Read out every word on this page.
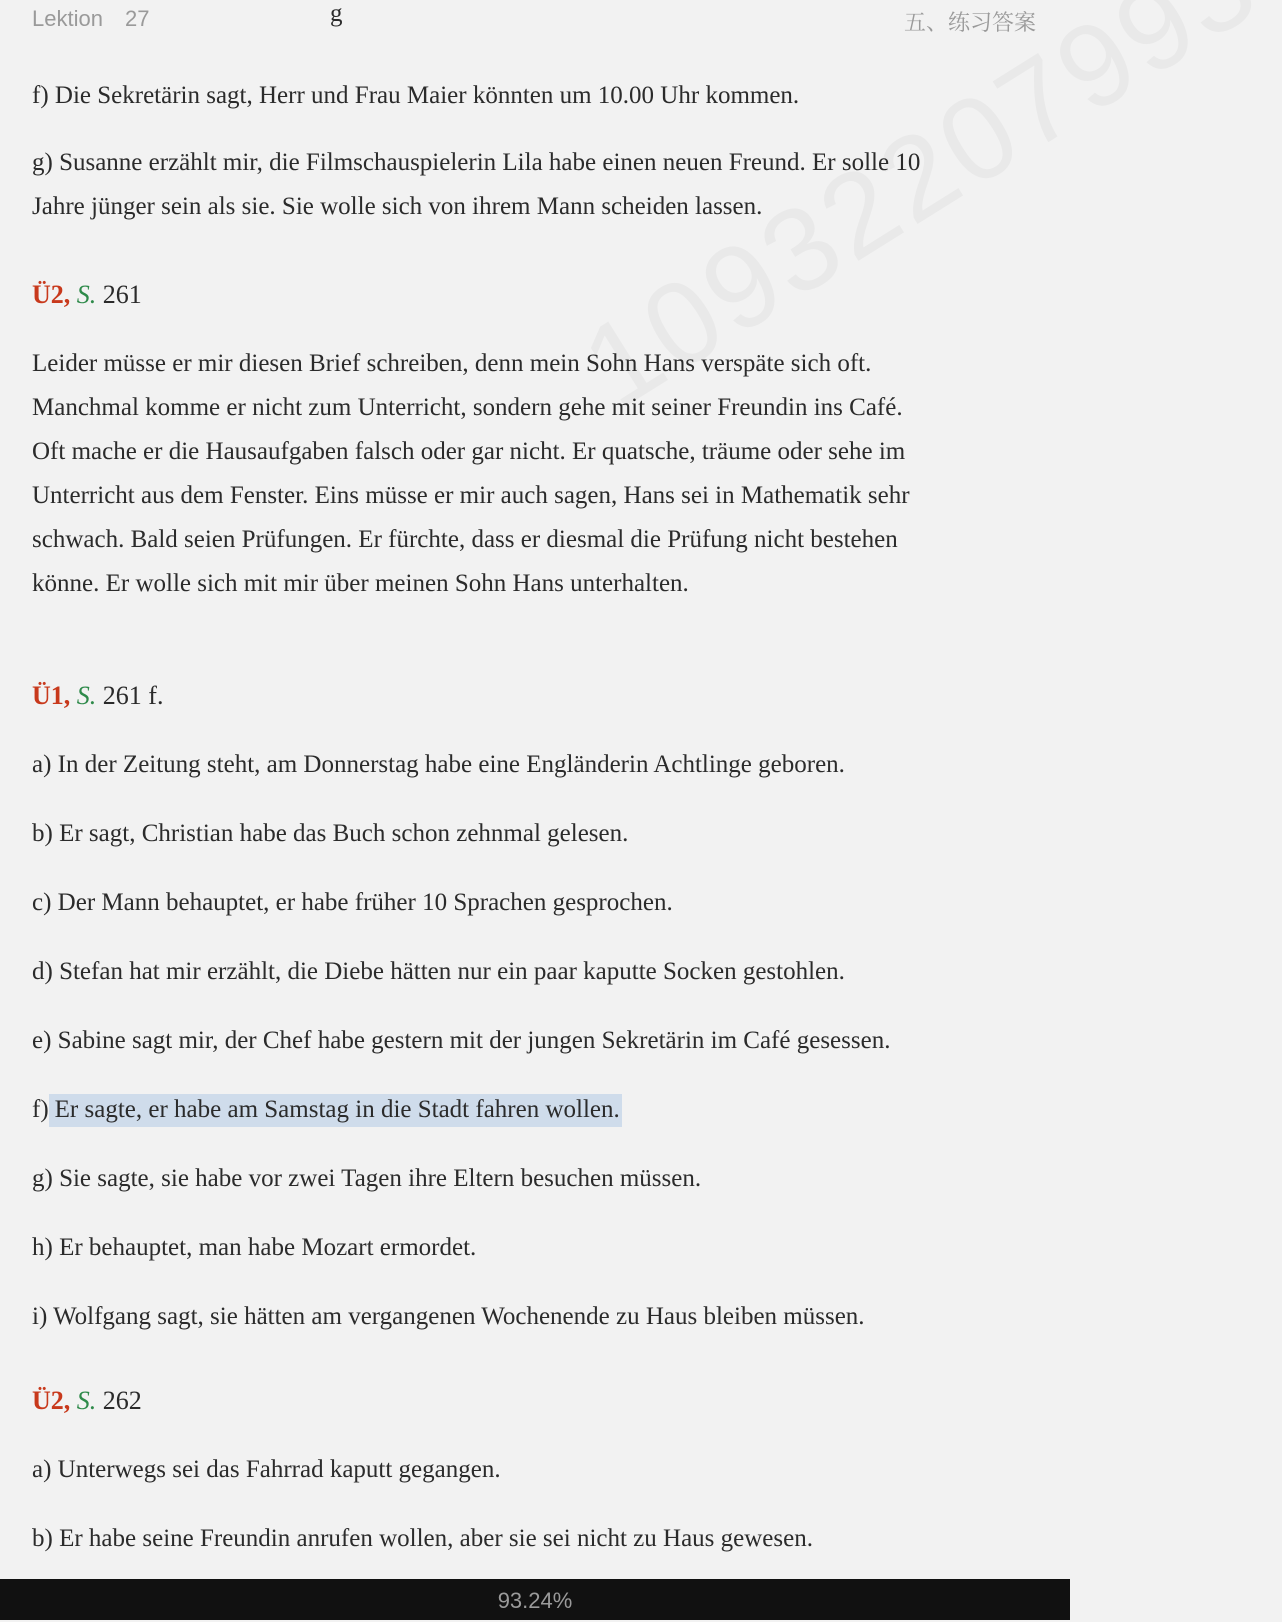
Lektion 27	五、练习答案
g
f) Die Sekretärin sagt, Herr und Frau Maier könnten um 10.00 Uhr kommen.
g) Susanne erzählt mir, die Filmschauspielerin Lila habe einen neuen Freund. Er solle 10
Jahre jünger sein als sie. Sie wolle sich von ihrem Mann scheiden lassen.
Ü2, S. 261
Leider müsse er mir diesen Brief schreiben, denn mein Sohn Hans verspäte sich oft.
Manchmal komme er nicht zum Unterricht, sondern gehe mit seiner Freundin ins Café.
Oft mache er die Hausaufgaben falsch oder gar nicht. Er quatsche, träume oder sehe im
Unterricht aus dem Fenster. Eins müsse er mir auch sagen, Hans sei in Mathematik sehr
schwach. Bald seien Prüfungen. Er fürchte, dass er diesmal die Prüfung nicht bestehen
könne. Er wolle sich mit mir über meinen Sohn Hans unterhalten.
Ü1, S. 261 f.
a) In der Zeitung steht, am Donnerstag habe eine Engländerin Achtlinge geboren.
b) Er sagt, Christian habe das Buch schon zehnmal gelesen.
c) Der Mann behauptet, er habe früher 10 Sprachen gesprochen.
d) Stefan hat mir erzählt, die Diebe hätten nur ein paar kaputte Socken gestohlen.
e) Sabine sagt mir, der Chef habe gestern mit der jungen Sekretärin im Café gesessen.
f) Er sagte, er habe am Samstag in die Stadt fahren wollen.
g) Sie sagte, sie habe vor zwei Tagen ihre Eltern besuchen müssen.
h) Er behauptet, man habe Mozart ermordet.
i) Wolfgang sagt, sie hätten am vergangenen Wochenende zu Haus bleiben müssen.
Ü2, S. 262
a) Unterwegs sei das Fahrrad kaputt gegangen.
b) Er habe seine Freundin anrufen wollen, aber sie sei nicht zu Haus gewesen.
93.24%
